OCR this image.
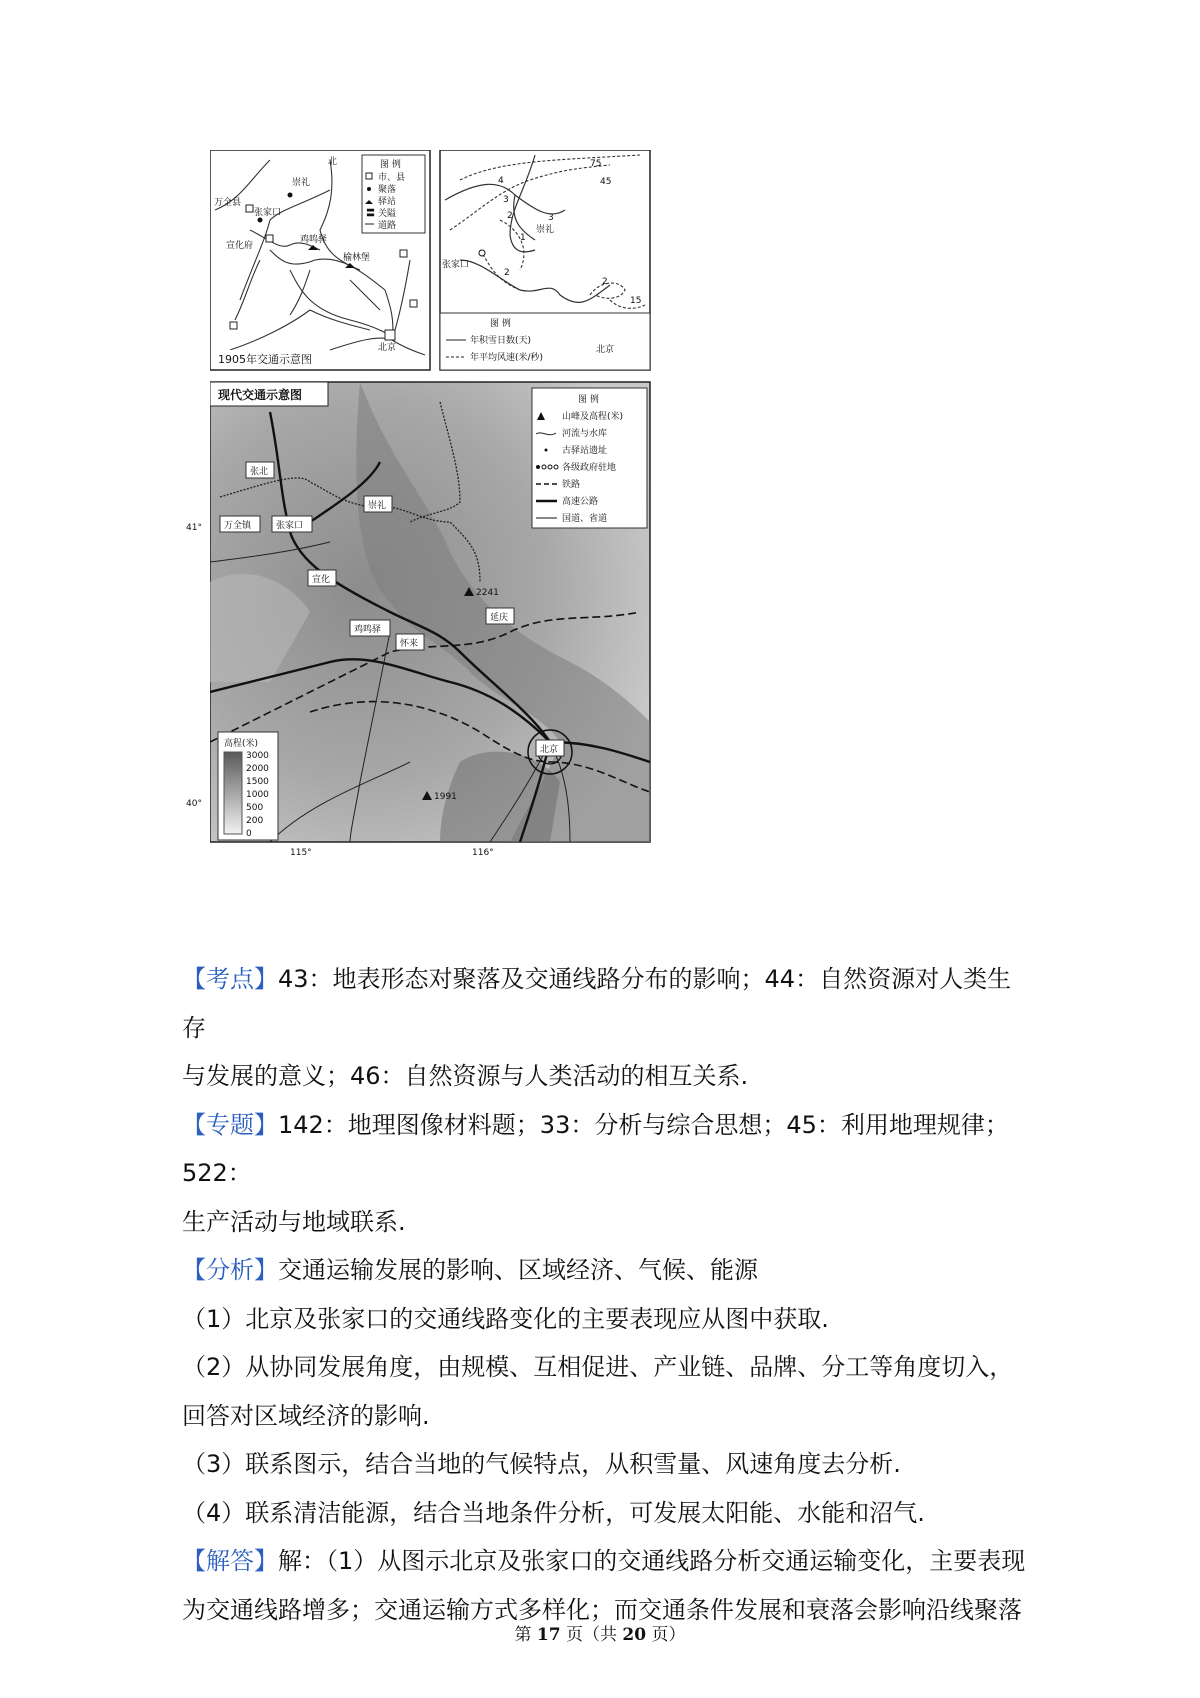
崇礼
万全县
张家口
宣化府
鸡鸣驿
榆林堡
北京
北	图 例
市、县
聚落
驿站
〓 关隘
道路
1905年交通示意图
崇礼
张家口
4
3
2
1
2
2
75
45
3
15
图 例
年积雪日数(天)
年平均风速(米/秒)
北京
现代交通示意图
张北
崇礼
万全镇	张家口
宣化
鸡鸣驿
怀来
延庆
北京
2241
1991
图 例
山峰及高程(米)
河流与水库
古驿站遗址
各级政府驻地
铁路
高速公路
国道、省道
高程(米)
3000
2000
1500
1000
500
200
0
115°	116°

【考点】43：地表形态对聚落及交通线路分布的影响；44：自然资源对人类生存

与发展的意义；46：自然资源与人类活动的相互关系.

【专题】142：地理图像材料题；33：分析与综合思想；45：利用地理规律；522：

生产活动与地域联系.

【分析】交通运输发展的影响、区域经济、气候、能源

（1）北京及张家口的交通线路变化的主要表现应从图中获取.

（2）从协同发展角度，由规模、互相促进、产业链、品牌、分工等角度切入，

回答对区域经济的影响.

（3）联系图示，结合当地的气候特点，从积雪量、风速角度去分析.

（4）联系清洁能源，结合当地条件分析，可发展太阳能、水能和沼气.

【解答】解：（1）从图示北京及张家口的交通线路分析交通运输变化，主要表现

为交通线路增多；交通运输方式多样化；而交通条件发展和衰落会影响沿线聚落

第 17 页（共 20 页）
41°
40°
